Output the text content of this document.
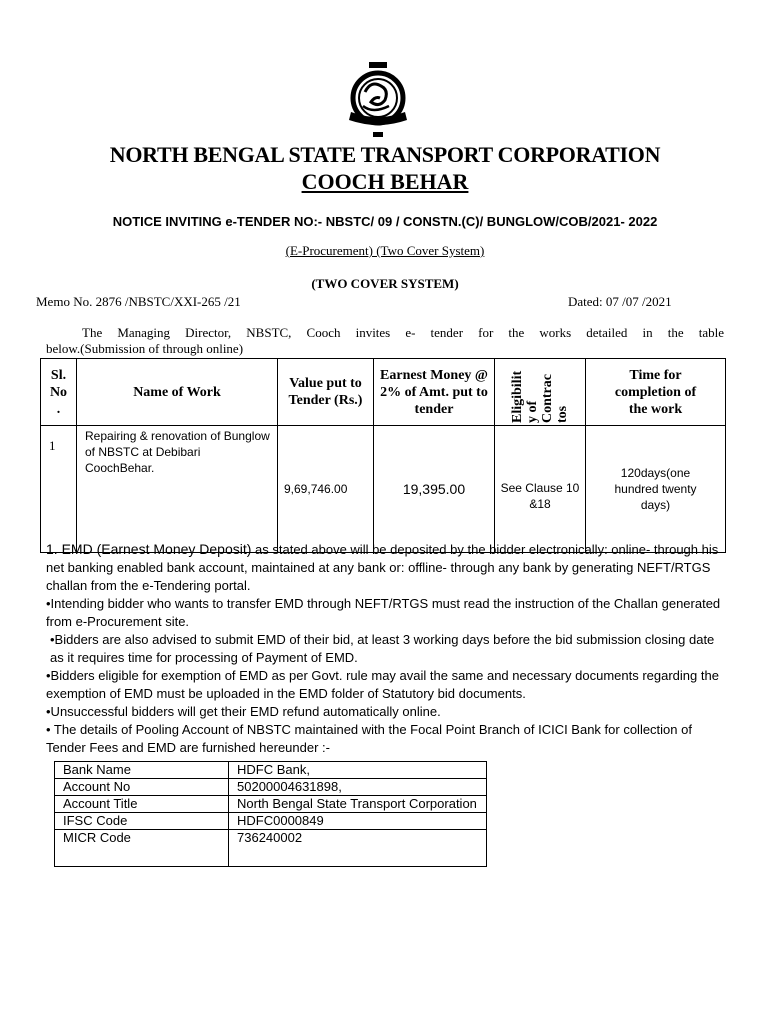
NORTH BENGAL STATE TRANSPORT CORPORATION
COOCH BEHAR
NOTICE INVITING e-TENDER NO:- NBSTC/ 09 / CONSTN.(C)/ BUNGLOW/COB/2021- 2022
(E-Procurement) (Two Cover System)
(TWO COVER SYSTEM)
Memo No. 2876 /NBSTC/XXI-265 /21	Dated: 07 /07 /2021
The Managing Director, NBSTC, Cooch invites e- tender for the works detailed in the table
below.(Submission of through online)
Sl. No .	Name of Work	Value put to Tender (Rs.)	Earnest Money @ 2% of Amt. put to tender	Eligibilit y of Contrac tos	Time for completion of the work

1	Repairing & renovation of Bunglow of NBSTC at Debibari CoochBehar.	9,69,746.00	19,395.00	See Clause 10 &18	120days(one hundred twenty days)

1. EMD (Earnest Money Deposit) as stated above will be deposited by the bidder electronically: online- through his net banking enabled bank account, maintained at any bank or: offline- through any bank by generating NEFT/RTGS challan from the e-Tendering portal.

•Intending bidder who wants to transfer EMD through NEFT/RTGS must read the instruction of the Challan generated from e-Procurement site.

•Bidders are also advised to submit EMD of their bid, at least 3 working days before the bid submission closing date as it requires time for processing of Payment of EMD.

•Bidders eligible for exemption of EMD as per Govt. rule may avail the same and necessary documents regarding the exemption of EMD must be uploaded in the EMD folder of Statutory bid documents.

•Unsuccessful bidders will get their EMD refund automatically online.

• The details of Pooling Account of NBSTC maintained with the Focal Point Branch of ICICI Bank for collection of Tender Fees and EMD are furnished hereunder :-

Bank Name	HDFC Bank,
Account No	50200004631898,
Account Title	North Bengal State Transport Corporation
IFSC Code	HDFC0000849
MICR Code	736240002
